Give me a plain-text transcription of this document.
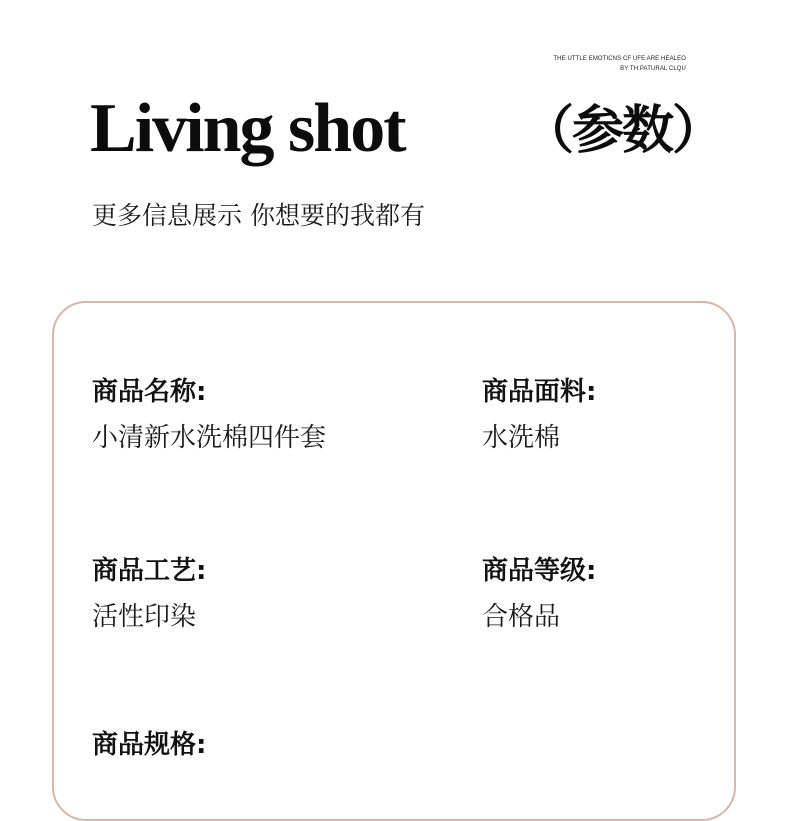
THE UTTLE EMOTICNS CF UFE ARE HEALEO
BY TH PATURAL CLQU
Living shot （参数）
更多信息展示 你想要的我都有
商品名称:
小清新水洗棉四件套
商品面料:
水洗棉
商品工艺:
活性印染
商品等级:
合格品
商品规格:
